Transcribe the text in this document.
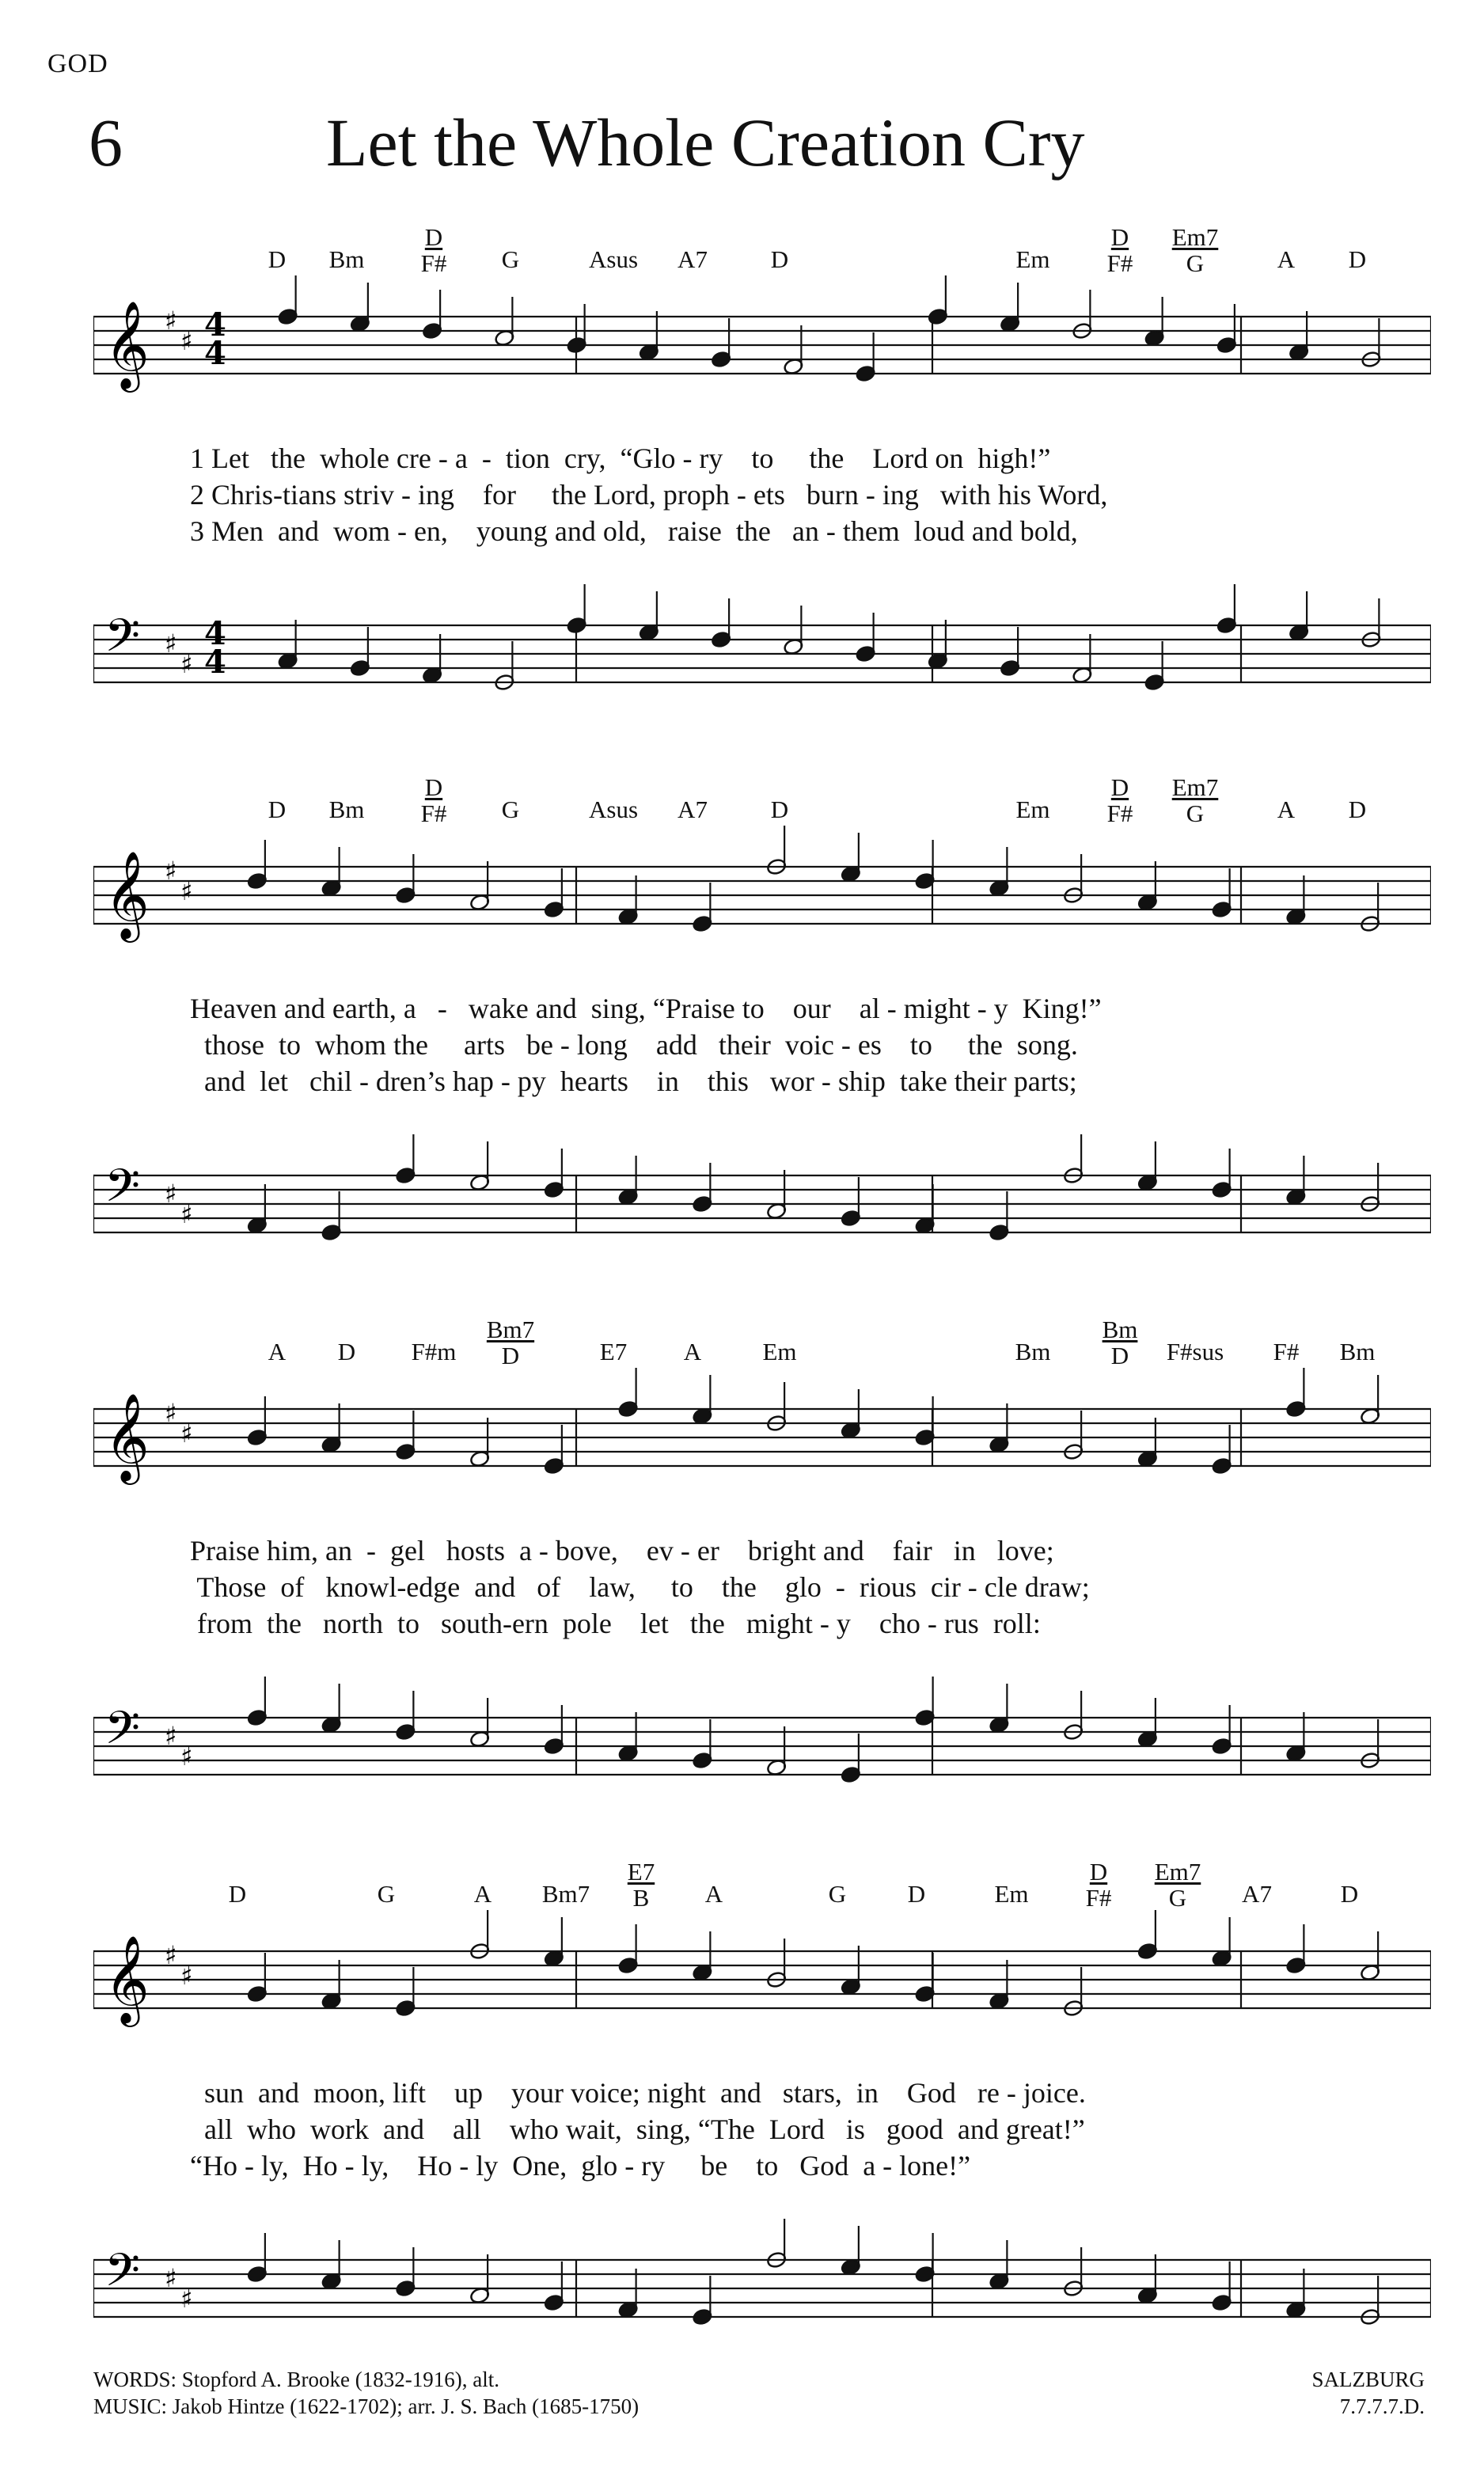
GOD
6	Let the Whole Creation Cry
D Bm $\frac{D}{F\#}$ G	Asus A7	D	Em $\frac{D}{F\#} \frac{Em7}{G}$ A D
𝄞 ♯
♯ 4
4
1 Let   the  whole cre - a  -  tion  cry,  “Glo - ry    to     the    Lord on  high!”
2 Chris-tians striv - ing    for     the Lord, proph - ets   burn - ing   with his Word,
3 Men  and  wom - en,    young and old,   raise  the   an - them  loud and bold,
𝄢 ♯
♯
4
4
D Bm $\frac{D}{F\#}$ G	Asus A7	D	Em $\frac{D}{F\#} \frac{Em7}{G}$ A D
𝄞 ♯
♯
Heaven and earth, a   -   wake and  sing, “Praise to    our    al - might - y  King!”
those  to  whom the     arts   be - long    add   their  voic - es    to     the  song.
and  let   chil - dren’s hap - py  hearts    in    this   wor - ship  take their parts;
𝄢 ♯
♯
A D F#m $\frac{Bm7}{D}$	E7 A Em	Bm $\frac{Bm}{D}$ F#sus F# Bm
𝄞 ♯
♯
Praise him, an  -  gel   hosts  a - bove,    ev - er    bright and    fair   in   love;
Those  of   knowl-edge  and   of    law,     to    the    glo  -  rious  cir - cle draw;
from  the   north  to   south-ern  pole    let   the   might - y    cho - rus  roll:
𝄢 ♯
♯
D	G	A $Bm7 \frac{E7}{B}$ A	G	D	Em $\frac{D}{F\#} \frac{Em7}{G} A7$	D
𝄞 ♯
♯
sun  and  moon, lift    up    your voice; night  and   stars,  in    God   re - joice.
all  who  work  and    all    who wait,  sing, “The  Lord   is   good  and great!”
“Ho - ly,  Ho - ly,    Ho - ly  One,  glo - ry     be    to   God  a - lone!”
𝄢 ♯
♯
WORDS: Stopford A. Brooke (1832-1916), alt.
MUSIC: Jakob Hintze (1622-1702); arr. J. S. Bach (1685-1750)
SALZBURG
7.7.7.7.D.
